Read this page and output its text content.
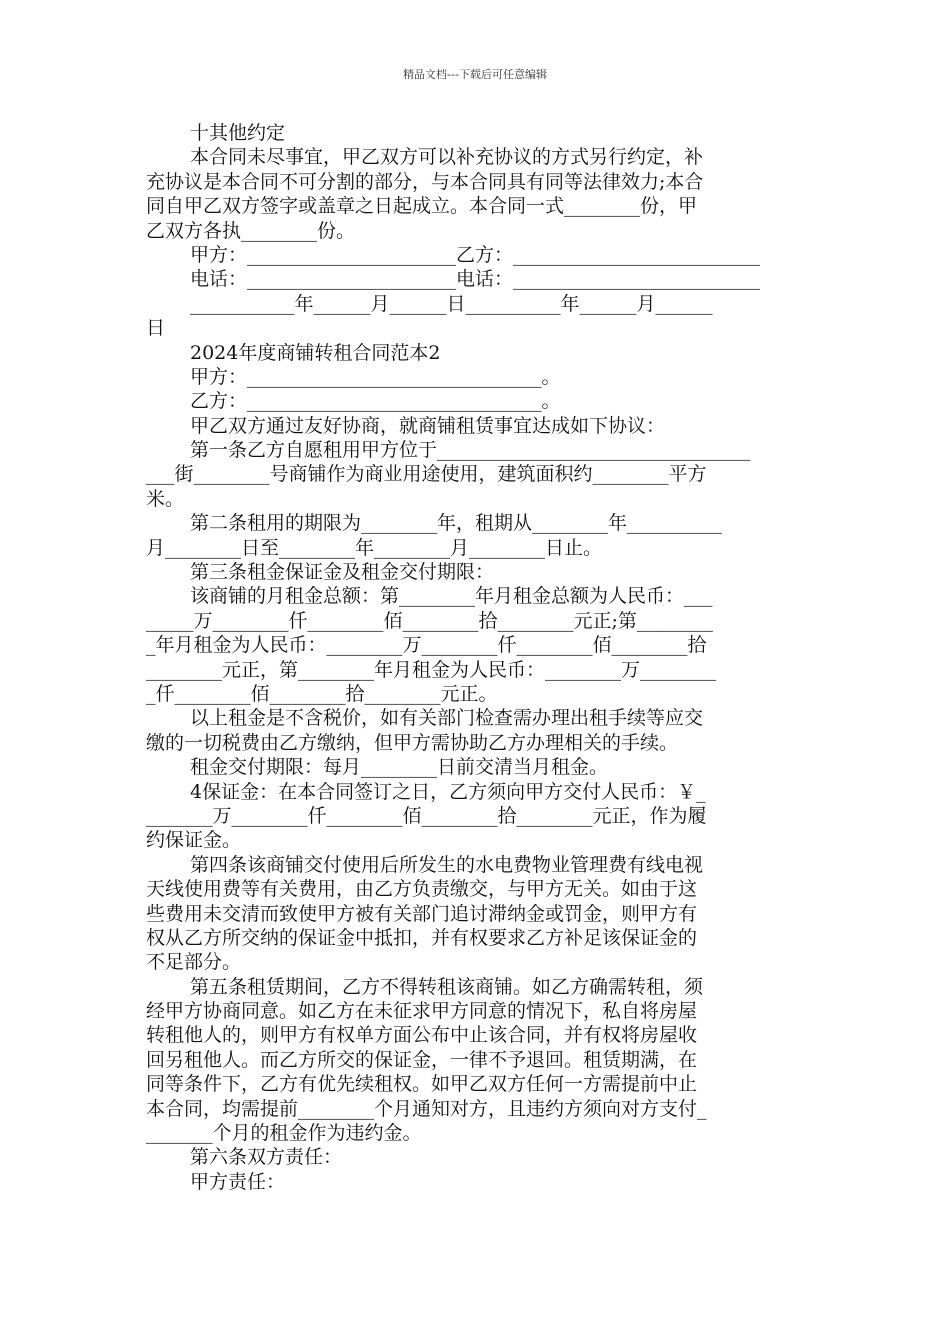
精品文档---下载后可任意编辑
十其他约定
本合同未尽事宜，甲乙双方可以补充协议的方式另行约定，补
充协议是本合同不可分割的部分，与本合同具有同等法律效力;本合
同自甲乙双方签字或盖章之日起成立。本合同一式________份，甲
乙双方各执________份。
甲方：______________________乙方：__________________________
电话：______________________电话：__________________________
___________年______月______日__________年______月______
日
2024年度商铺转租合同范本2
甲方：_______________________________。
乙方：_______________________________。
甲乙双方通过友好协商，就商铺租赁事宜达成如下协议：
第一条乙方自愿租用甲方位于_________________________________
___街________号商铺作为商业用途使用，建筑面积约________平方
米。
第二条租用的期限为________年，租期从________年__________
月________日至________年________月________日止。
第三条租金保证金及租金交付期限：
该商铺的月租金总额：第________年月租金总额为人民币：___
_____万________仟________佰________拾________元正;第________
_年月租金为人民币：________万________仟________佰________拾
________元正，第________年月租金为人民币：________万________
_仟________佰________拾________元正。
以上租金是不含税价，如有关部门检查需办理出租手续等应交
缴的一切税费由乙方缴纳，但甲方需协助乙方办理相关的手续。
租金交付期限：每月________日前交清当月租金。
4保证金：在本合同签订之日，乙方须向甲方交付人民币：￥_
_______万________仟________佰________拾________元正，作为履
约保证金。
第四条该商铺交付使用后所发生的水电费物业管理费有线电视
天线使用费等有关费用，由乙方负责缴交，与甲方无关。如由于这
些费用未交清而致使甲方被有关部门追讨滞纳金或罚金，则甲方有
权从乙方所交纳的保证金中抵扣，并有权要求乙方补足该保证金的
不足部分。
第五条租赁期间，乙方不得转租该商铺。如乙方确需转租，须
经甲方协商同意。如乙方在未征求甲方同意的情况下，私自将房屋
转租他人的，则甲方有权单方面公布中止该合同，并有权将房屋收
回另租他人。而乙方所交的保证金，一律不予退回。租赁期满，在
同等条件下，乙方有优先续租权。如甲乙双方任何一方需提前中止
本合同，均需提前________个月通知对方，且违约方须向对方支付_
_______个月的租金作为违约金。
第六条双方责任：
甲方责任：
